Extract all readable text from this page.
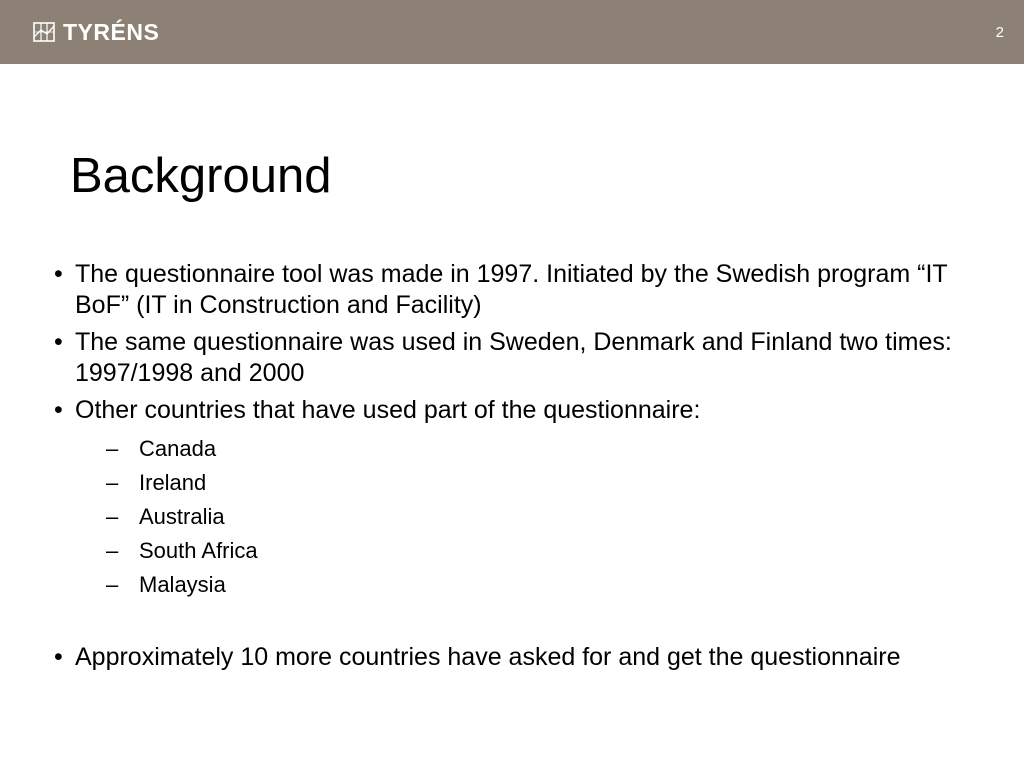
TYRÉNS	2
Background
• The questionnaire tool was made in 1997. Initiated by the Swedish program “IT BoF” (IT in Construction and Facility)
• The same questionnaire was used in Sweden, Denmark and Finland two times: 1997/1998 and 2000
• Other countries that have used part of the questionnaire:
– Canada
– Ireland
– Australia
– South Africa
– Malaysia
• Approximately 10 more countries have asked for and get the questionnaire
